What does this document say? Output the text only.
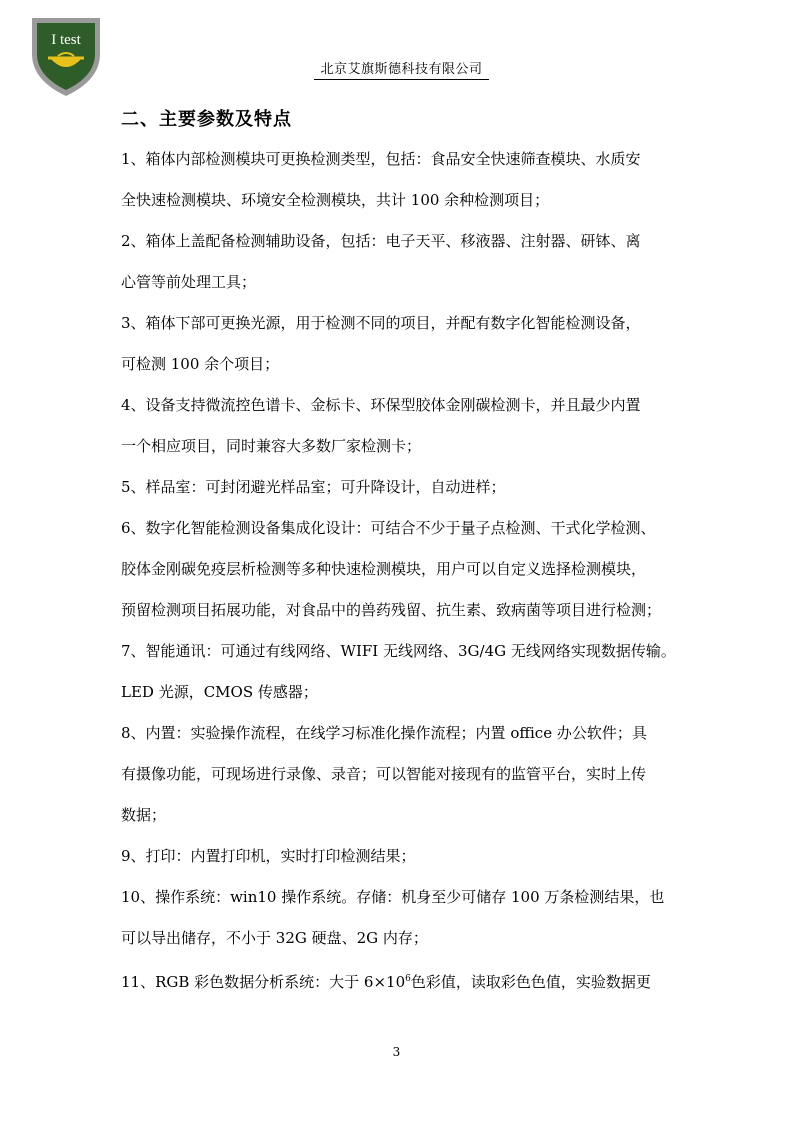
I test
北京艾旗斯德科技有限公司
二、主要参数及特点
1、箱体内部检测模块可更换检测类型，包括：食品安全快速筛查模块、水质安
全快速检测模块、环境安全检测模块，共计 100 余种检测项目；
2、箱体上盖配备检测辅助设备，包括：电子天平、移液器、注射器、研钵、离
心管等前处理工具；
3、箱体下部可更换光源，用于检测不同的项目，并配有数字化智能检测设备，
可检测 100 余个项目；
4、设备支持微流控色谱卡、金标卡、环保型胶体金刚碳检测卡，并且最少内置
一个相应项目，同时兼容大多数厂家检测卡；
5、样品室：可封闭避光样品室；可升降设计，自动进样；
6、数字化智能检测设备集成化设计：可结合不少于量子点检测、干式化学检测、
胶体金刚碳免疫层析检测等多种快速检测模块，用户可以自定义选择检测模块，
预留检测项目拓展功能，对食品中的兽药残留、抗生素、致病菌等项目进行检测；
7、智能通讯：可通过有线网络、WIFI 无线网络、3G/4G 无线网络实现数据传输。
LED 光源，CMOS 传感器；
8、内置：实验操作流程，在线学习标准化操作流程；内置 office 办公软件；具
有摄像功能，可现场进行录像、录音；可以智能对接现有的监管平台，实时上传
数据；
9、打印：内置打印机，实时打印检测结果；
10、操作系统：win10 操作系统。存储：机身至少可储存 100 万条检测结果，也
可以导出储存，不小于 32G 硬盘、2G 内存；
11、RGB 彩色数据分析系统：大于 $6\times 10^6$色彩值，读取彩色色值，实验数据更
3
